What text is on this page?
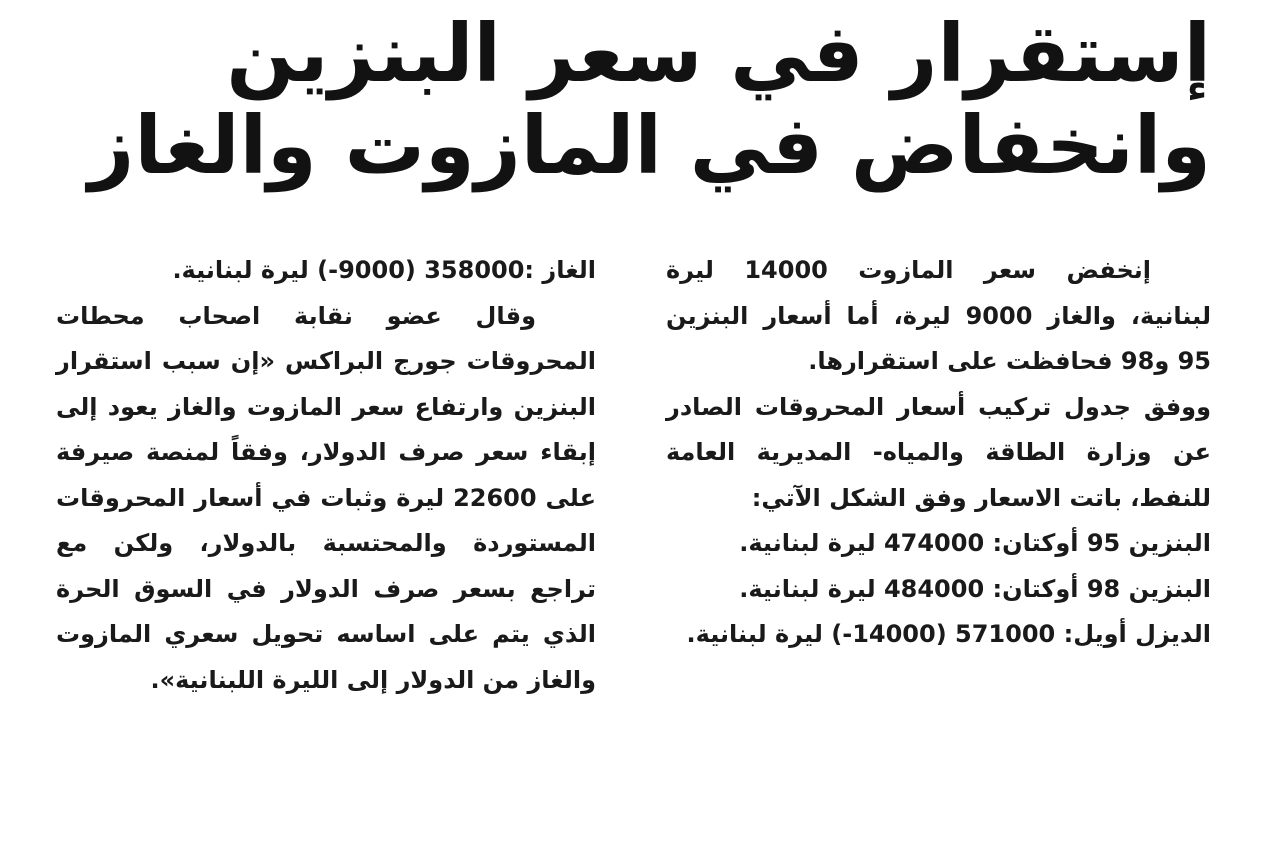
إستقرار في سعر البنزين
وانخفاض في المازوت والغاز

إنخفض سعر المازوت 14000 ليرة لبنانية، والغاز 9000 ليرة، أما أسعار البنزين 95 و98 فحافظت على استقرارها.

ووفق جدول تركيب أسعار المحروقات الصادر عن وزارة الطاقة والمياه- المديرية العامة للنفط، باتت الاسعار وفق الشكل الآتي:

البنزين 95 أوكتان: 474000 ليرة لبنانية.

البنزين 98 أوكتان: 484000 ليرة لبنانية.

الديزل أويل: 571000 (14000-) ليرة لبنانية.

الغاز :358000 (9000-) ليرة لبنانية.

وقال عضو نقابة اصحاب محطات المحروقات جورج البراكس «إن سبب استقرار البنزين وارتفاع سعر المازوت والغاز يعود إلى إبقاء سعر صرف الدولار، وفقاً لمنصة صيرفة على 22600 ليرة وثبات في أسعار المحروقات المستوردة والمحتسبة بالدولار، ولكن مع تراجع بسعر صرف الدولار في السوق الحرة الذي يتم على اساسه تحويل سعري المازوت والغاز من الدولار إلى الليرة اللبنانية».
